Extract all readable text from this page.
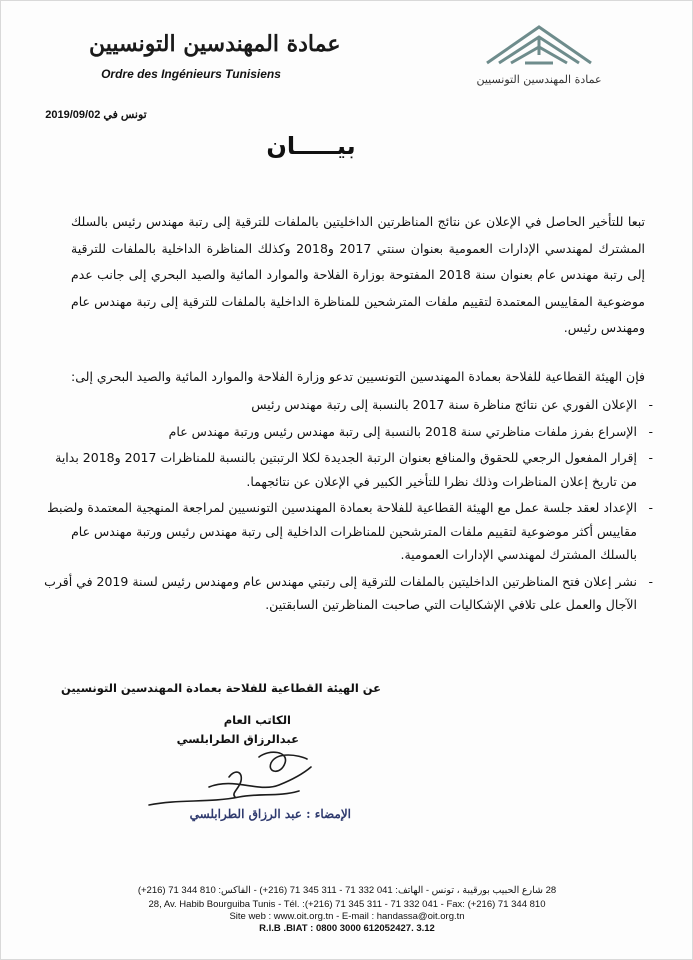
عمادة المهندسين التونسيين
Ordre des Ingénieurs Tunisiens	عمادة المهندسين التونسيين
تونس في 2019/09/02
بيـــــان
تبعا للتأخير الحاصل في الإعلان عن نتائج المناظرتين الداخليتين بالملفات للترقية إلى رتبة مهندس رئيس بالسلك المشترك لمهندسي الإدارات العمومية بعنوان سنتي 2017 و2018 وكذلك المناظرة الداخلية بالملفات للترقية إلى رتبة مهندس عام بعنوان سنة 2018 المفتوحة بوزارة الفلاحة والموارد المائية والصيد البحري إلى جانب عدم موضوعية المقاييس المعتمدة لتقييم ملفات المترشحين للمناظرة الداخلية بالملفات للترقية إلى رتبة مهندس عام ومهندس رئيس.
فإن الهيئة القطاعية للفلاحة بعمادة المهندسين التونسيين تدعو وزارة الفلاحة والموارد المائية والصيد البحري إلى:
- الإعلان الفوري عن نتائج مناظرة سنة 2017 بالنسبة إلى رتبة مهندس رئيس
- الإسراع بفرز ملفات مناظرتي سنة 2018 بالنسبة إلى رتبة مهندس رئيس ورتبة مهندس عام
- إقرار المفعول الرجعي للحقوق والمنافع بعنوان الرتبة الجديدة لكلا الرتبتين بالنسبة للمناظرات 2017 و2018 بداية من تاريخ إعلان المناظرات وذلك نظرا للتأخير الكبير في الإعلان عن نتائجهما.
- الإعداد لعقد جلسة عمل مع الهيئة القطاعية للفلاحة بعمادة المهندسين التونسيين لمراجعة المنهجية المعتمدة ولضبط مقاييس أكثر موضوعية لتقييم ملفات المترشحين للمناظرات الداخلية إلى رتبة مهندس رئيس ورتبة مهندس عام بالسلك المشترك لمهندسي الإدارات العمومية.
- نشر إعلان فتح المناظرتين الداخليتين بالملفات للترقية إلى رتبتي مهندس عام ومهندس رئيس لسنة 2019 في أقرب الآجال والعمل على تلافي الإشكاليات التي صاحبت المناظرتين السابقتين.
عن الهيئة القطاعية للفلاحة بعمادة المهندسين التونسيين
الكاتب العام
عبدالرزاق الطرابلسي
الإمضاء : عبد الرزاق الطرابلسي
28 شارع الحبيب بورقيبة ، تونس - الهاتف: 041 332 71 - 311 345 71 (216+) - الفاكس: 810 344 71 (216+)
28, Av. Habib Bourguiba Tunis - Tél. :(+216) 71 345 311 - 71 332 041 - Fax: (+216) 71 344 810
Site web : www.oit.org.tn - E-mail : handassa@oit.org.tn
R.I.B .BIAT : 0800 3000 612052427. 3.12
